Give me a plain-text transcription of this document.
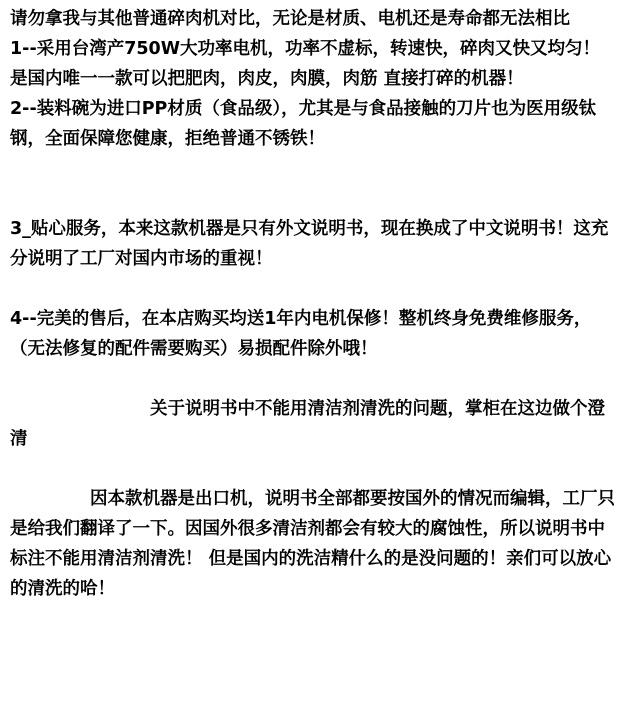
请勿拿我与其他普通碎肉机对比，无论是材质、电机还是寿命都无法相比

1--采用台湾产750W大功率电机，功率不虚标，转速快，碎肉又快又均匀！是国内唯一一款可以把肥肉，肉皮，肉膜，肉筋 直接打碎的机器！

2--装料碗为进口PP材质（食品级），尤其是与食品接触的刀片也为医用级钛钢，全面保障您健康，拒绝普通不锈铁！

3_贴心服务，本来这款机器是只有外文说明书，现在换成了中文说明书！这充分说明了工厂对国内市场的重视！

4--完美的售后，在本店购买均送1年内电机保修！整机终身免费维修服务，（无法修复的配件需要购买）易损配件除外哦！

关于说明书中不能用清洁剂清洗的问题，掌柜在这边做个澄清

因本款机器是出口机，说明书全部都要按国外的情况而编辑，工厂只是给我们翻译了一下。因国外很多清洁剂都会有较大的腐蚀性，所以说明书中标注不能用清洁剂清洗！ 但是国内的洗洁精什么的是没问题的！亲们可以放心的清洗的哈！
